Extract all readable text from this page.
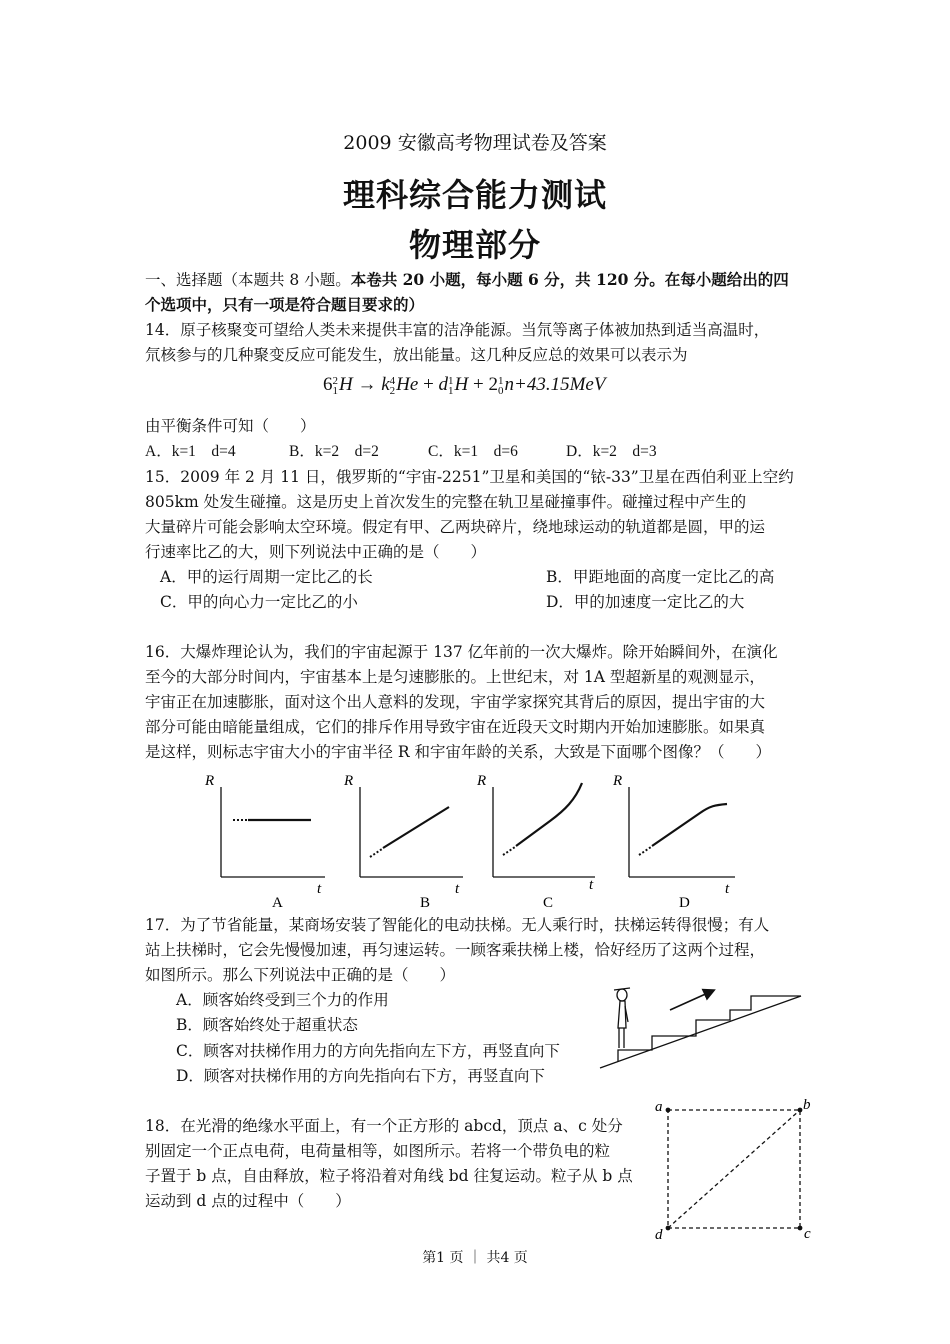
2009 安徽高考物理试卷及答案
理科综合能力测试
物理部分
一、选择题（本题共 8 小题。本卷共 20 小题，每小题 6 分，共 120 分。在每小题给出的四
个选项中，只有一项是符合题目要求的）
14．原子核聚变可望给人类未来提供丰富的洁净能源。当氘等离子体被加热到适当高温时，
氘核参与的几种聚变反应可能发生，放出能量。这几种反应总的效果可以表示为
6 2
1 H → k 4
2 He + d 1
1 H + 2 1
0 n+43.15MeV
由平衡条件可知（　　）
A．k=1　d=4	B．k=2　d=2	C．k=1　d=6	D．k=2　d=3
15．2009 年 2 月 11 日，俄罗斯的“宇宙-2251”卫星和美国的“铱-33”卫星在西伯利亚上空约
805km 处发生碰撞。这是历史上首次发生的完整在轨卫星碰撞事件。碰撞过程中产生的
大量碎片可能会影响太空环境。假定有甲、乙两块碎片，绕地球运动的轨道都是圆，甲的运
行速率比乙的大，则下列说法中正确的是（　　）
A．甲的运行周期一定比乙的长	B．甲距地面的高度一定比乙的高
C．甲的向心力一定比乙的小	D．甲的加速度一定比乙的大
16．大爆炸理论认为，我们的宇宙起源于 137 亿年前的一次大爆炸。除开始瞬间外，在演化
至今的大部分时间内，宇宙基本上是匀速膨胀的。上世纪末，对 1A 型超新星的观测显示，
宇宙正在加速膨胀，面对这个出人意料的发现，宇宙学家探究其背后的原因，提出宇宙的大
部分可能由暗能量组成，它们的排斥作用导致宇宙在近段天文时期内开始加速膨胀。如果真
是这样，则标志宇宙大小的宇宙半径 R 和宇宙年龄的关系，大致是下面哪个图像？（　　）
R
t
A
R
t
B
R
t
C
R
t
D
17．为了节省能量，某商场安装了智能化的电动扶梯。无人乘行时，扶梯运转得很慢；有人
站上扶梯时，它会先慢慢加速，再匀速运转。一顾客乘扶梯上楼，恰好经历了这两个过程，
如图所示。那么下列说法中正确的是（　　）
A．顾客始终受到三个力的作用
B．顾客始终处于超重状态
C．顾客对扶梯作用力的方向先指向左下方，再竖直向下
D．顾客对扶梯作用的方向先指向右下方，再竖直向下
18．在光滑的绝缘水平面上，有一个正方形的 abcd，顶点 a、c 处分
别固定一个正点电荷，电荷量相等，如图所示。若将一个带负电的粒
子置于 b 点，自由释放，粒子将沿着对角线 bd 往复运动。粒子从 b 点
运动到 d 点的过程中（　　）
a	b
c
d
第1 页 ｜ 共4 页
